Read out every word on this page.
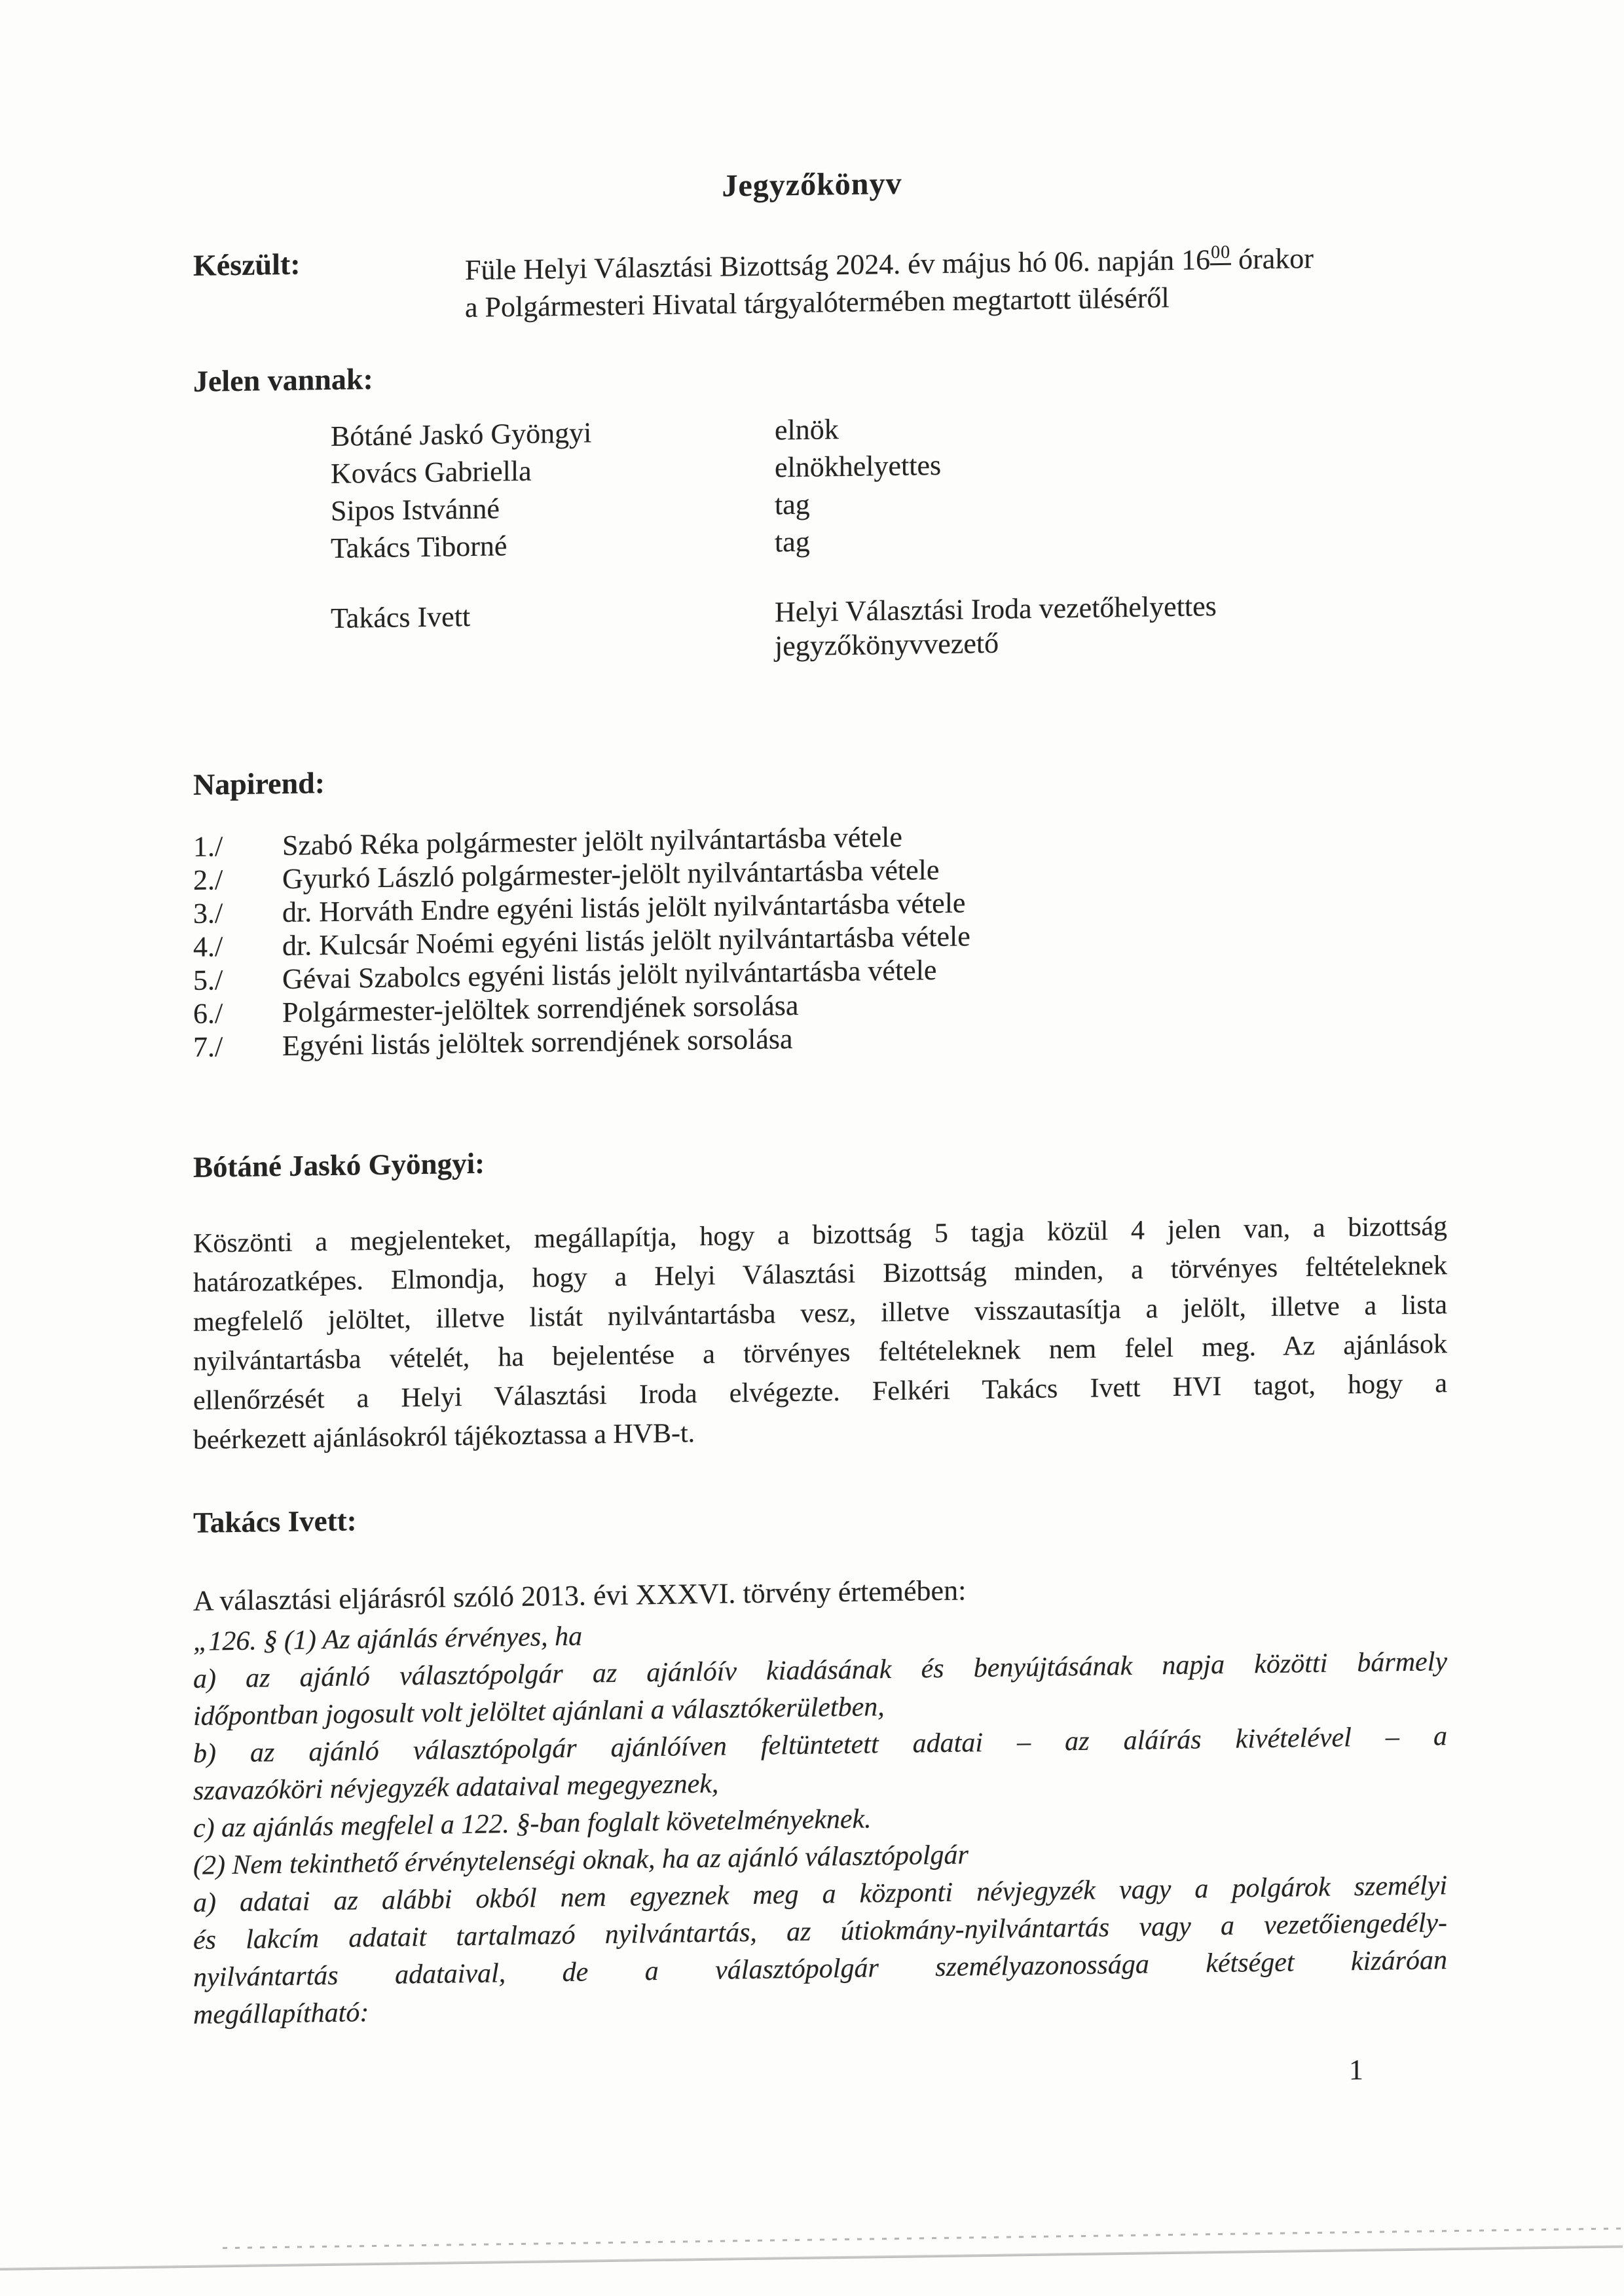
Jegyzőkönyv
Készült:	Füle Helyi Választási Bizottság 2024. év május hó 06. napján $16^{00}$ órakor
a Polgármesteri Hivatal tárgyalótermében megtartott üléséről
Jelen vannak:
Bótáné Jaskó Gyöngyi	elnök
Kovács Gabriella	elnökhelyettes
Sipos Istvánné	tag
Takács Tiborné	tag
Takács Ivett	Helyi Választási Iroda vezetőhelyettes
jegyzőkönyvvezető
Napirend:
1./	Szabó Réka polgármester jelölt nyilvántartásba vétele
2./	Gyurkó László polgármester-jelölt nyilvántartásba vétele
3./	dr. Horváth Endre egyéni listás jelölt nyilvántartásba vétele
4./	dr. Kulcsár Noémi egyéni listás jelölt nyilvántartásba vétele
5./	Gévai Szabolcs egyéni listás jelölt nyilvántartásba vétele
6./	Polgármester-jelöltek sorrendjének sorsolása
7./	Egyéni listás jelöltek sorrendjének sorsolása
Bótáné Jaskó Gyöngyi:
Köszönti a megjelenteket, megállapítja, hogy a bizottság 5 tagja közül 4 jelen van, a bizottság
határozatképes. Elmondja, hogy a Helyi Választási Bizottság minden, a törvényes feltételeknek
megfelelő jelöltet, illetve listát nyilvántartásba vesz, illetve visszautasítja a jelölt, illetve a lista
nyilvántartásba vételét, ha bejelentése a törvényes feltételeknek nem felel meg. Az ajánlások
ellenőrzését a Helyi Választási Iroda elvégezte. Felkéri Takács Ivett HVI tagot, hogy a
beérkezett ajánlásokról tájékoztassa a HVB-t.
Takács Ivett:
A választási eljárásról szóló 2013. évi XXXVI. törvény értemében:
„126. § (1) Az ajánlás érvényes, ha
a) az ajánló választópolgár az ajánlóív kiadásának és benyújtásának napja közötti bármely
időpontban jogosult volt jelöltet ajánlani a választókerületben,
b) az ajánló választópolgár ajánlóíven feltüntetett adatai – az aláírás kivételével – a
szavazóköri névjegyzék adataival megegyeznek,
c) az ajánlás megfelel a 122. §-ban foglalt követelményeknek.
(2) Nem tekinthető érvénytelenségi oknak, ha az ajánló választópolgár
a) adatai az alábbi okból nem egyeznek meg a központi névjegyzék vagy a polgárok személyi
és lakcím adatait tartalmazó nyilvántartás, az útiokmány-nyilvántartás vagy a vezetőiengedély-
nyilvántartás adataival, de a választópolgár személyazonossága kétséget kizáróan
megállapítható:
1
